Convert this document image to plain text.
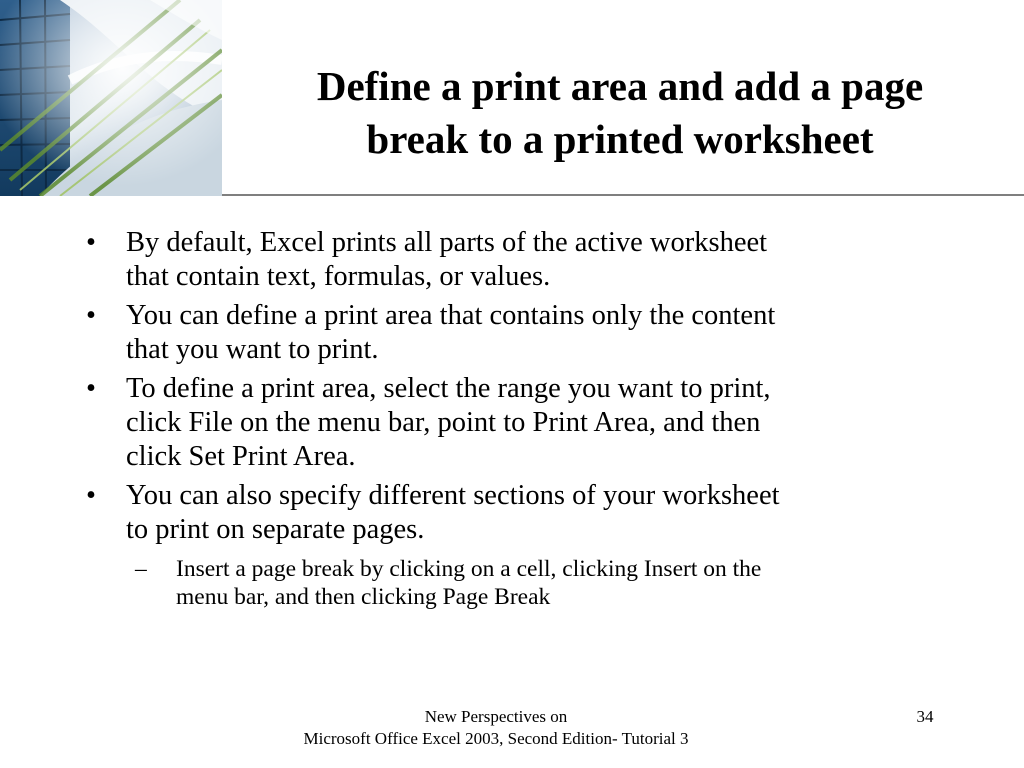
Define a print area and add a page
break to a printed worksheet
•	By default, Excel prints all parts of the active worksheet
that contain text, formulas, or values.
•	You can define a print area that contains only the content
that you want to print.
•	To define a print area, select the range you want to print,
click File on the menu bar, point to Print Area, and then
click Set Print Area.
•	You can also specify different sections of your worksheet
to print on separate pages.
– Insert a page break by clicking on a cell, clicking Insert on the
menu bar, and then clicking Page Break
New Perspectives on
Microsoft Office Excel 2003, Second Edition- Tutorial 3
34
